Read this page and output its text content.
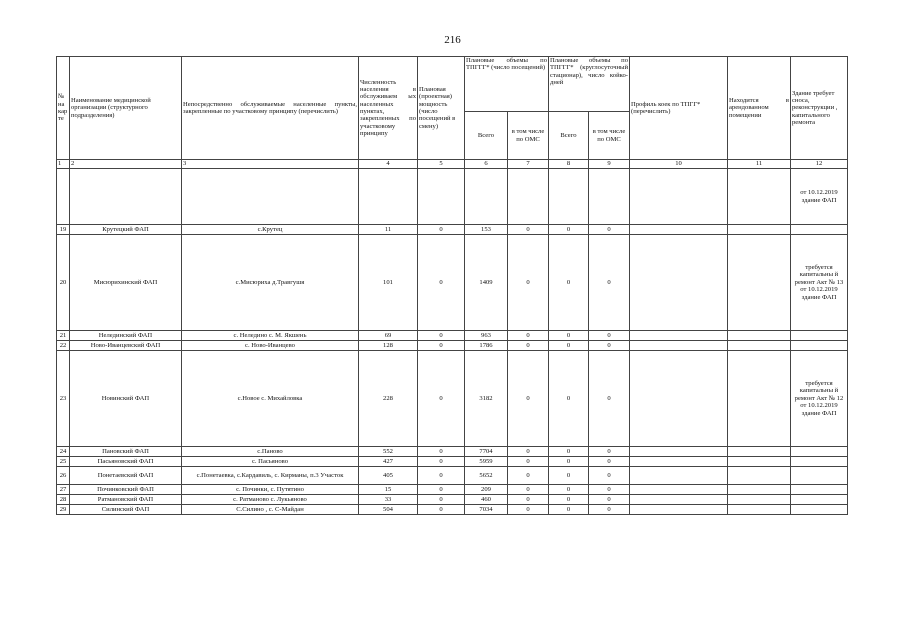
216
№ на кар те	Наименование медицинской организации (структурного подразделения)	Непосредственно обслуживаемые населенные пункты, закрепленные по участковому принципу (перечислить)	Численность населения в обслуживаем ых населенных пунктах, закрепленных по участковому принципу	Плановая (проектная) мощность (число посещений в смену)	Плановые объемы по ТПГГГ* (число посещений)		Плановые объемы по ТПГГГ* (круглосуточный стационар), число койко-дней		Профиль коек по ТПГГ* (перечислить)	Находится в арендованном помещении	Здание требует сноса, реконструкции , капитального ремонта
					Всего	в том числе по ОМС	Всего	в том числе по ОМС			
1	2	3	4	5	6	7	8	9	10	11	12
											от 10.12.2019 здание ФАП
19	Крутецкий ФАП	с.Крутец	11	0	153	0	0	0			
20	Мисюрихинский ФАП	с.Мисюриха д.Травгушя	101	0	1409	0	0	0			требуется капитальны й ремонт Акт № 13 от 10.12.2019 здание ФАП
21	Нелединский ФАП	с. Неледино с. М. Якшень	69	0	963	0	0	0			
22	Ново-Иванцевский ФАП	с. Ново-Иванцево	128	0	1786	0	0	0			
23	Новинский ФАП	с.Новое с. Михайловка	228	0	3182	0	0	0			требуется капитальны й ремонт Акт № 12 от 10.12.2019 здание ФАП
24	Пановский ФАП	с.Паново	552	0	7704	0	0	0			
25	Пасьяновский ФАП	с. Пасьяново	427	0	5959	0	0	0			
26	Понетаевский ФАП	с.Понетаевка, с.Кардавиль, с. Кирманы, п.3 Участок	405	0	5652	0	0	0			
27	Починковский ФАП	с. Починки, с. Путятино	15	0	209	0	0	0			
28	Ратмановский ФАП	с. Ратманово с. Лукьяново	33	0	460	0	0	0			
29	Силинский ФАП	С.Силино , с. С-Майдан	504	0	7034	0	0	0			
